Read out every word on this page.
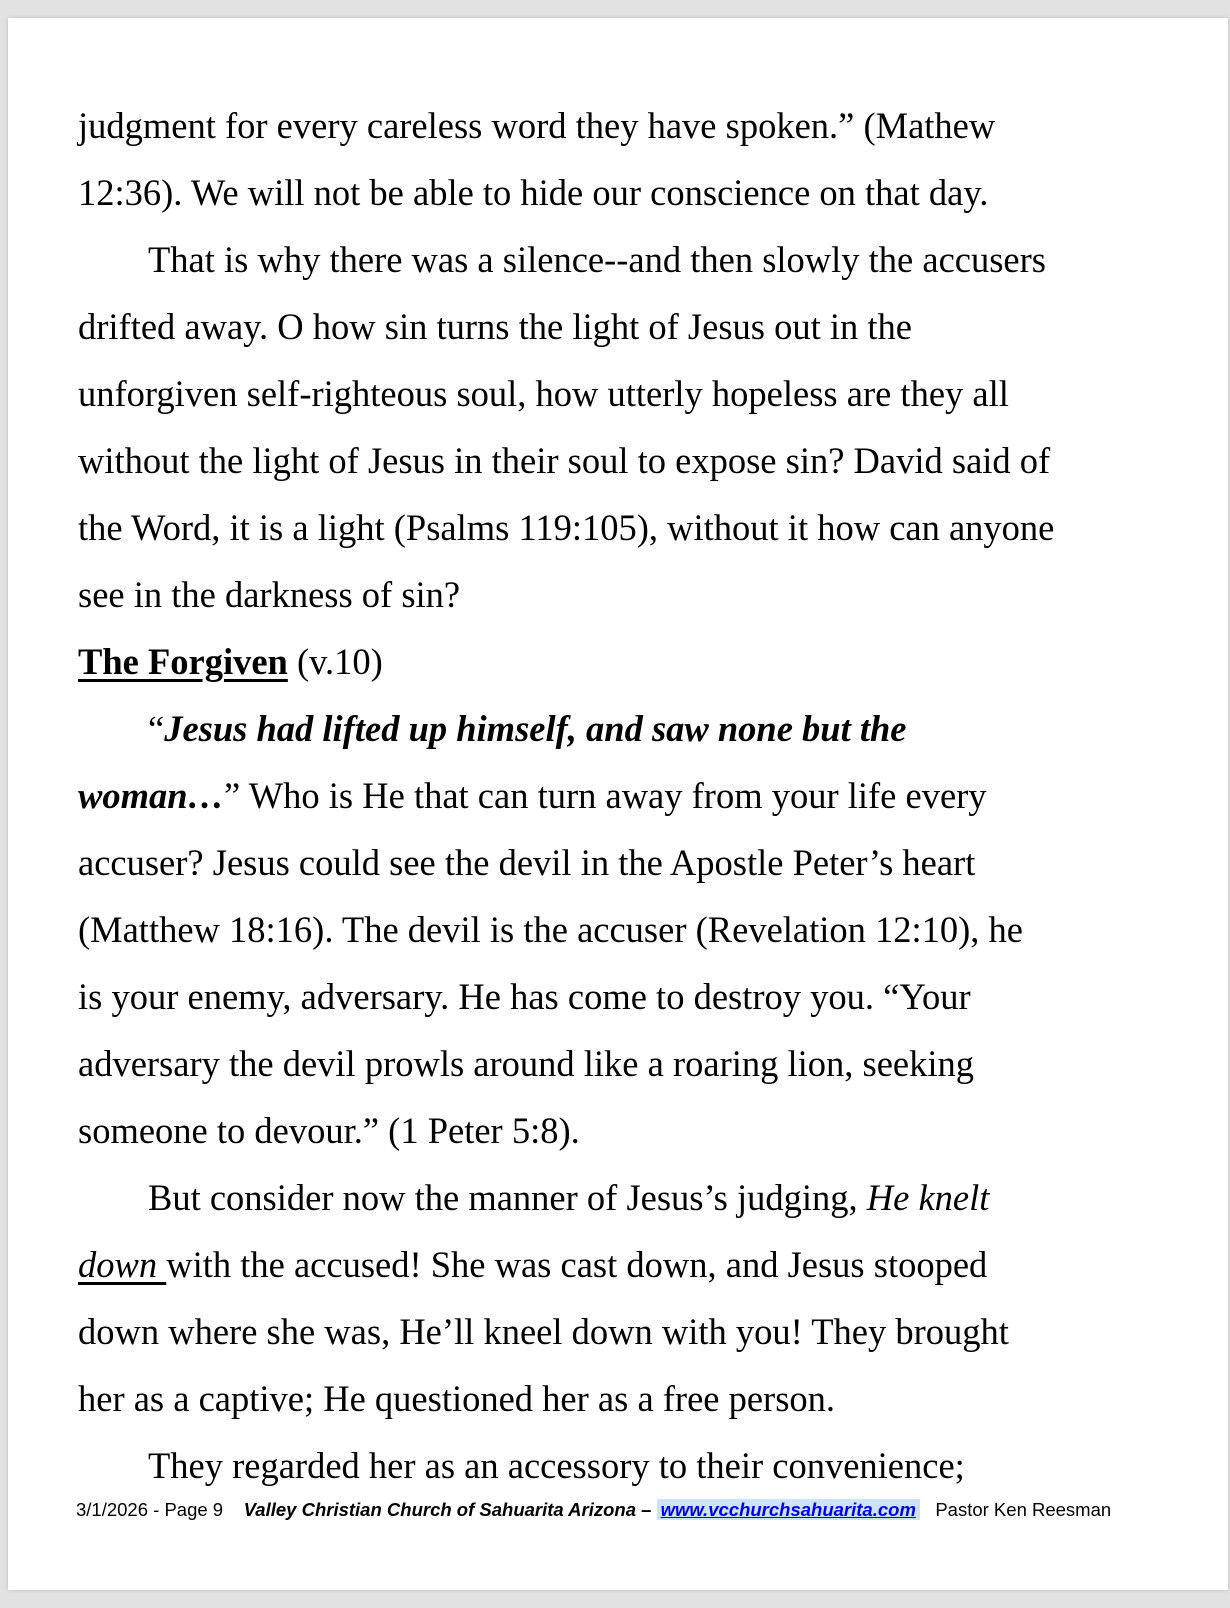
judgment for every careless word they have spoken.” (Mathew
12:36). We will not be able to hide our conscience on that day.
That is why there was a silence--and then slowly the accusers
drifted away. O how sin turns the light of Jesus out in the
unforgiven self-righteous soul, how utterly hopeless are they all
without the light of Jesus in their soul to expose sin? David said of
the Word, it is a light (Psalms 119:105), without it how can anyone
see in the darkness of sin?
The Forgiven (v.10)
“Jesus had lifted up himself, and saw none but the
woman…” Who is He that can turn away from your life every
accuser? Jesus could see the devil in the Apostle Peter’s heart
(Matthew 18:16). The devil is the accuser (Revelation 12:10), he
is your enemy, adversary. He has come to destroy you. “Your
adversary the devil prowls around like a roaring lion, seeking
someone to devour.” (1 Peter 5:8).
But consider now the manner of Jesus’s judging, He knelt
down with the accused! She was cast down, and Jesus stooped
down where she was, He’ll kneel down with you! They brought
her as a captive; He questioned her as a free person.
They regarded her as an accessory to their convenience;
3/1/2026 - Page 9 Valley Christian Church of Sahuarita Arizona – www.vcchurchsahuarita.com Pastor Ken Reesman
